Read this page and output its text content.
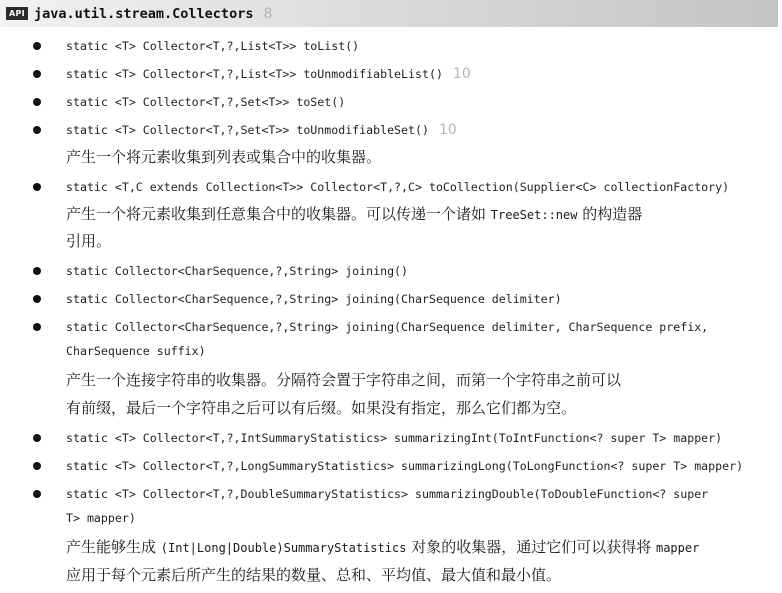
API java.util.stream.Collectors 8
static <T> Collector<T,?,List<T>> toList()
static <T> Collector<T,?,List<T>> toUnmodifiableList() 10
static <T> Collector<T,?,Set<T>> toSet()
static <T> Collector<T,?,Set<T>> toUnmodifiableSet() 10
产生一个将元素收集到列表或集合中的收集器。
static <T,C extends Collection<T>> Collector<T,?,C> toCollection(Supplier<C> collectionFactory)
产生一个将元素收集到任意集合中的收集器。可以传递一个诸如 TreeSet::new 的构造器
引用。
static Collector<CharSequence,?,String> joining()
static Collector<CharSequence,?,String> joining(CharSequence delimiter)
static Collector<CharSequence,?,String> joining(CharSequence delimiter, CharSequence prefix,
CharSequence suffix)
产生一个连接字符串的收集器。分隔符会置于字符串之间，而第一个字符串之前可以
有前缀，最后一个字符串之后可以有后缀。如果没有指定，那么它们都为空。
static <T> Collector<T,?,IntSummaryStatistics> summarizingInt(ToIntFunction<? super T> mapper)
static <T> Collector<T,?,LongSummaryStatistics> summarizingLong(ToLongFunction<? super T> mapper)
static <T> Collector<T,?,DoubleSummaryStatistics> summarizingDouble(ToDoubleFunction<? super
T> mapper)
产生能够生成 (Int|Long|Double)SummaryStatistics 对象的收集器，通过它们可以获得将 mapper
应用于每个元素后所产生的结果的数量、总和、平均值、最大值和最小值。
